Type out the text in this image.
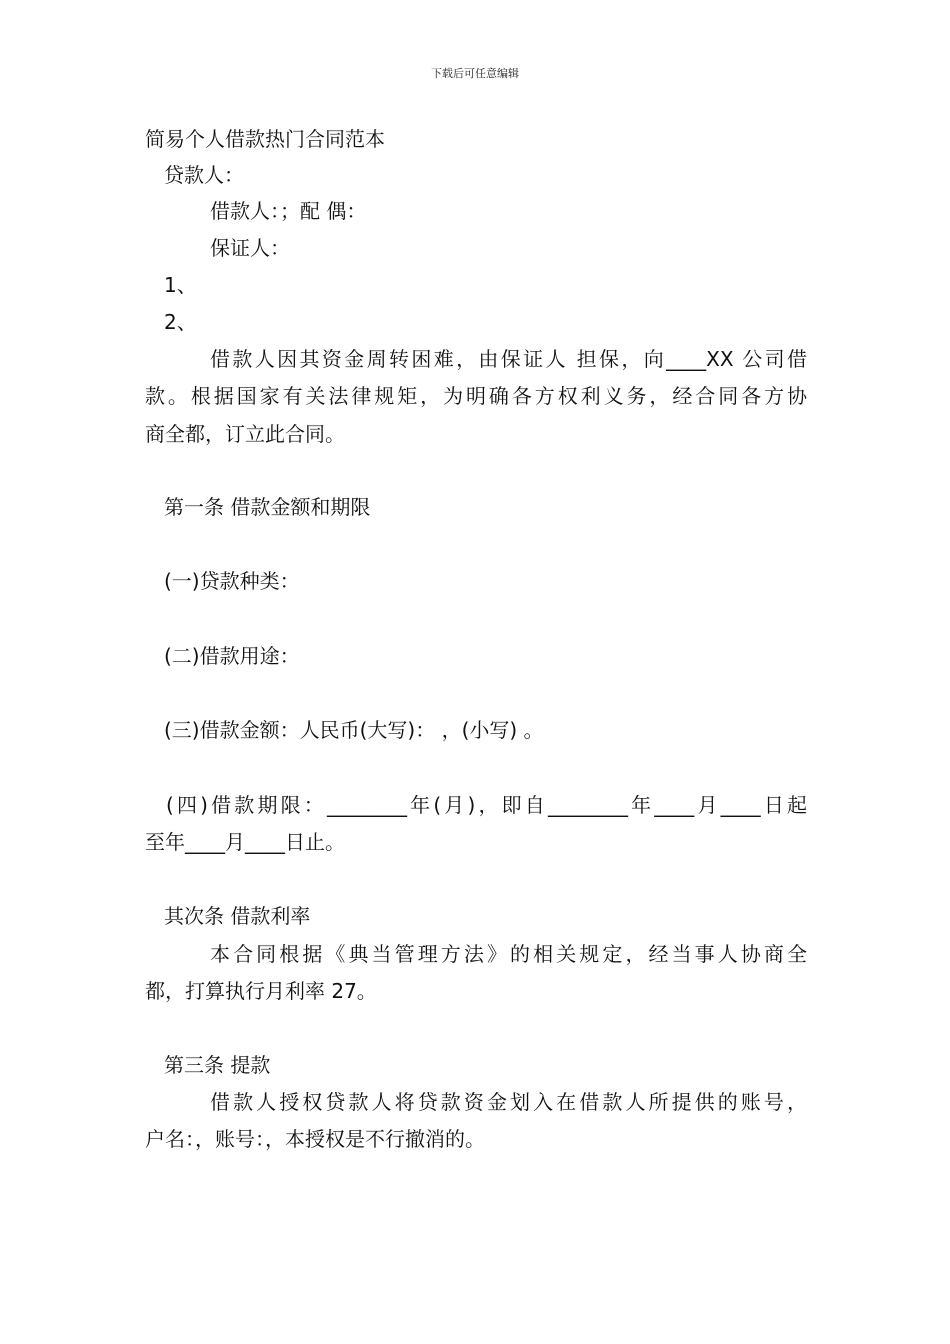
下载后可任意编辑
简易个人借款热门合同范本
贷款人：
借款人：；配 偶：
保证人：
1、
2、
借款人因其资金周转困难，由保证人 担保，向____XX 公司借
款。根据国家有关法律规矩，为明确各方权利义务，经合同各方协
商全都，订立此合同。
第一条 借款金额和期限
(一)贷款种类：
(二)借款用途：
(三)借款金额：人民币(大写)： ，(小写) 。
(四)借款期限：________年(月)，即自________年____月____日起
至年____月____日止。
其次条 借款利率
本合同根据《典当管理方法》的相关规定，经当事人协商全
都，打算执行月利率 27。
第三条 提款
借款人授权贷款人将贷款资金划入在借款人所提供的账号，
户名：，账号：，本授权是不行撤消的。
